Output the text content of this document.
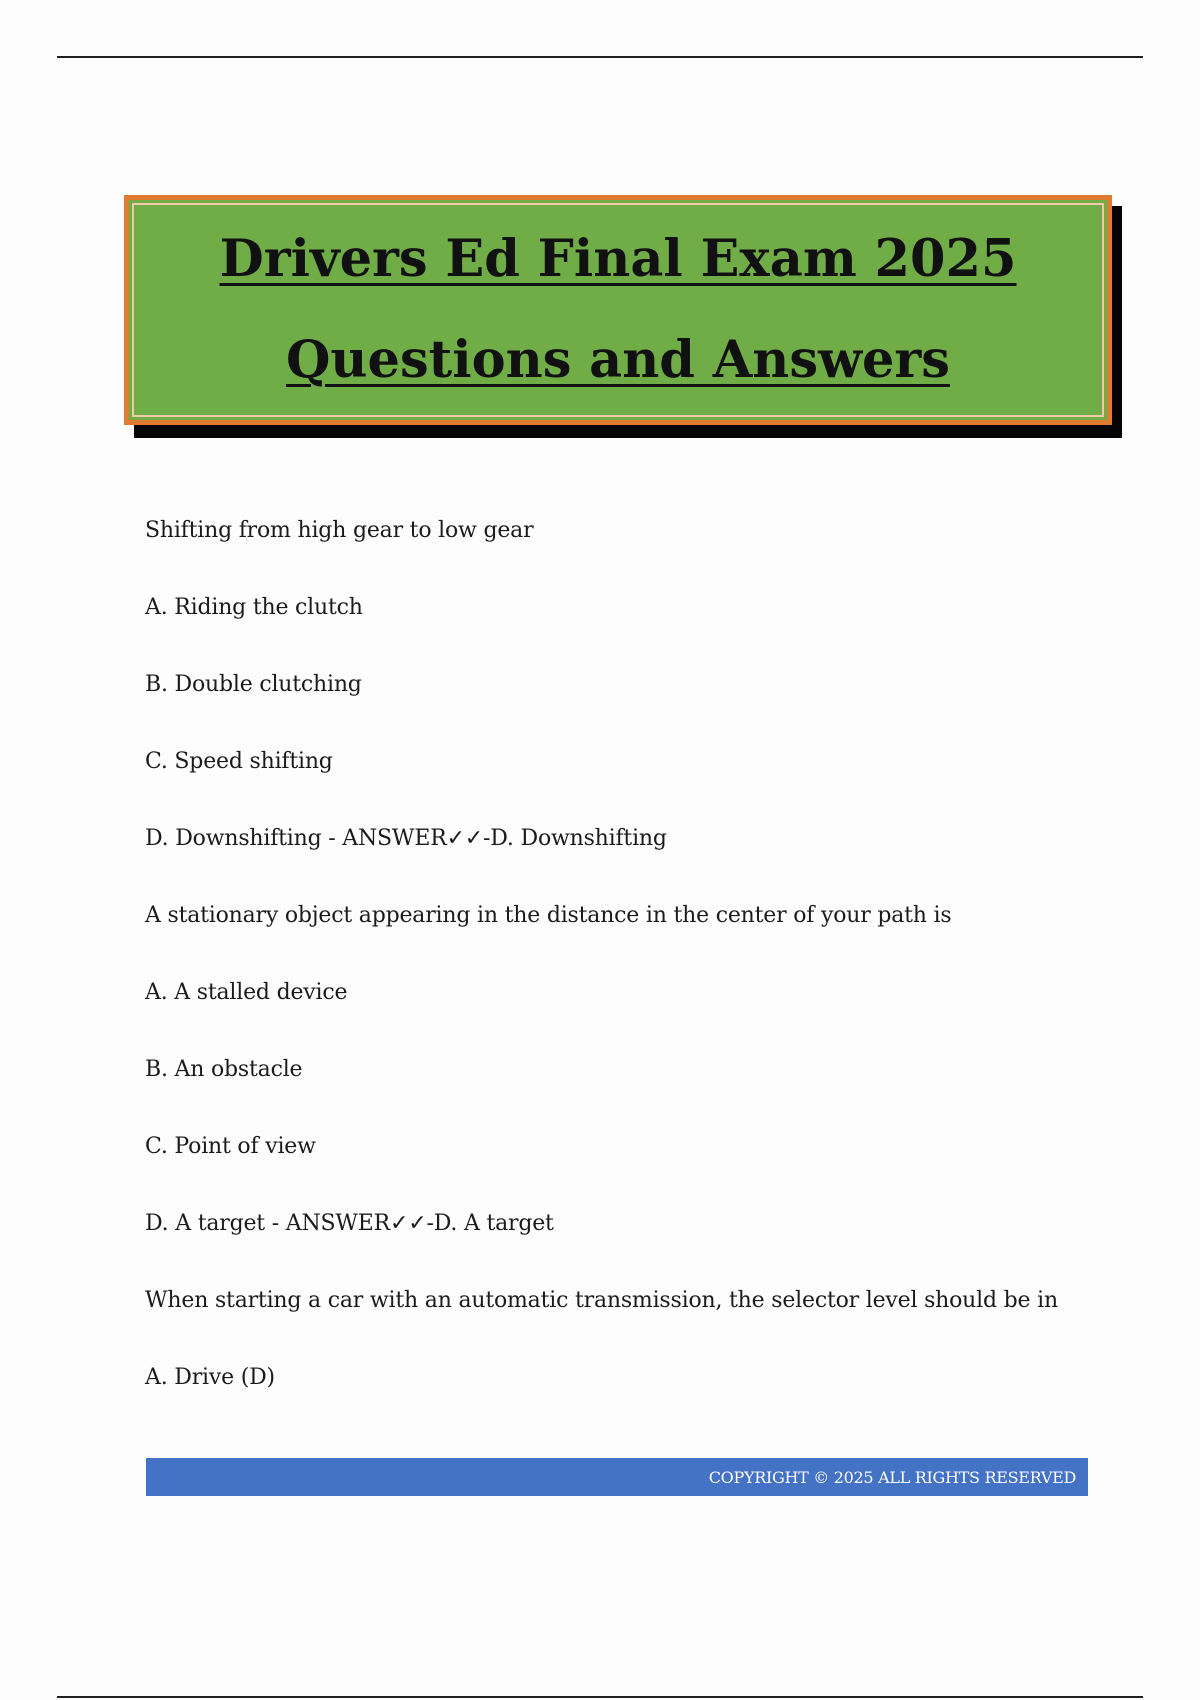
Drivers Ed Final Exam 2025
Questions and Answers
Shifting from high gear to low gear
A. Riding the clutch
B. Double clutching
C. Speed shifting
D. Downshifting - ANSWER✓✓-D. Downshifting
A stationary object appearing in the distance in the center of your path is
A. A stalled device
B. An obstacle
C. Point of view
D. A target - ANSWER✓✓-D. A target
When starting a car with an automatic transmission, the selector level should be in
A. Drive (D)
COPYRIGHT © 2025 ALL RIGHTS RESERVED
